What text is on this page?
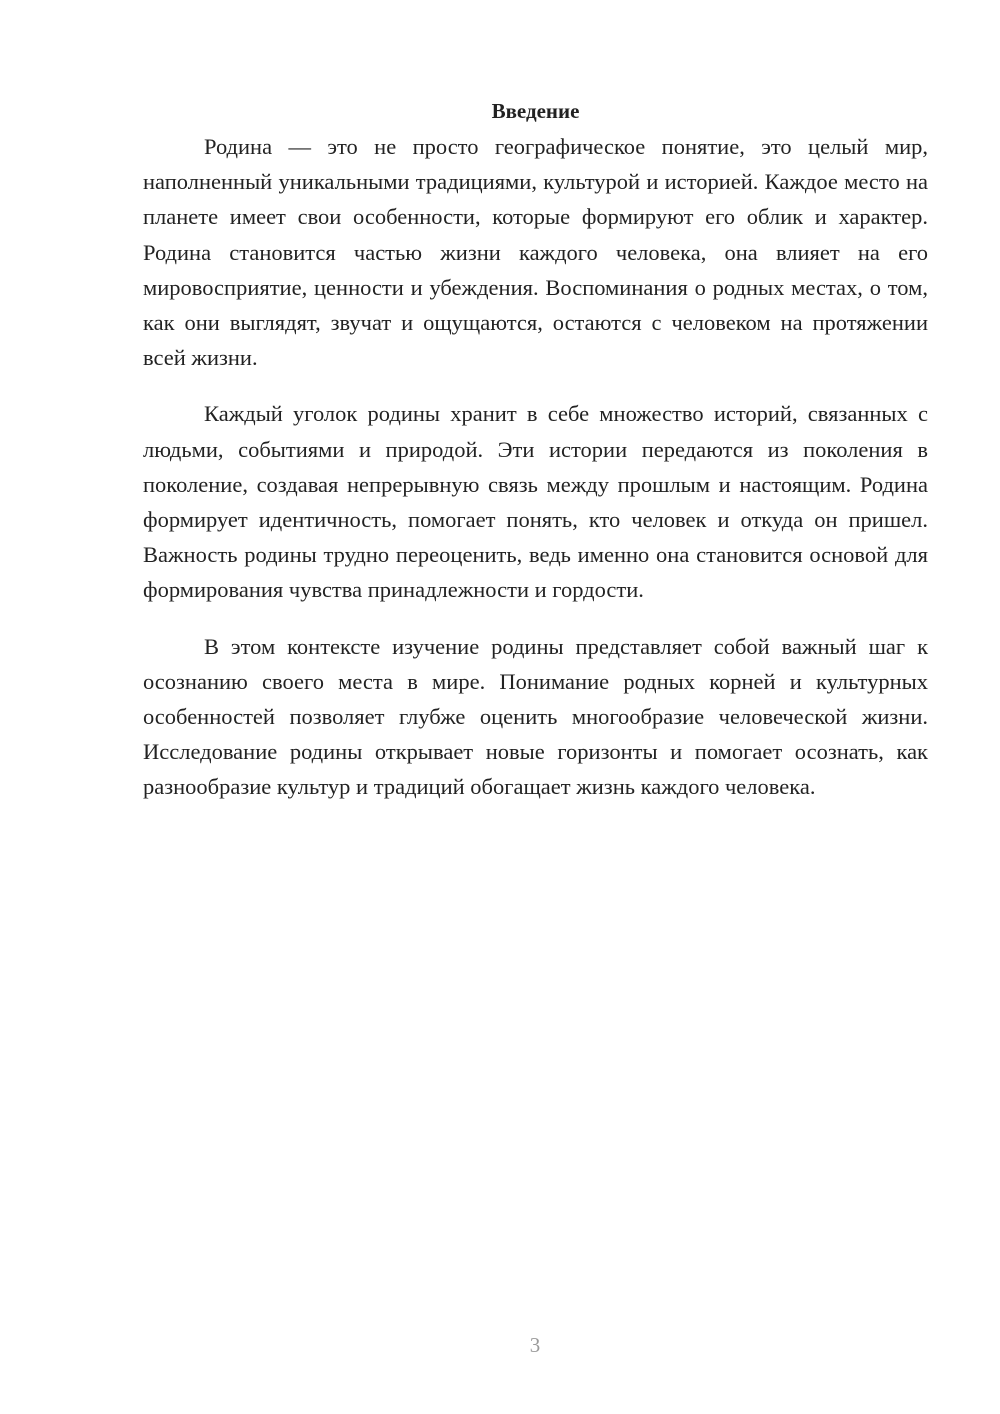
Введение

Родина — это не просто географическое понятие, это целый мир, наполненный уникальными традициями, культурой и историей. Каждое место на планете имеет свои особенности, которые формируют его облик и характер. Родина становится частью жизни каждого человека, она влияет на его мировосприятие, ценности и убеждения. Воспоминания о родных местах, о том, как они выглядят, звучат и ощущаются, остаются с человеком на протяжении всей жизни.

Каждый уголок родины хранит в себе множество историй, связанных с людьми, событиями и природой. Эти истории передаются из поколения в поколение, создавая непрерывную связь между прошлым и настоящим. Родина формирует идентичность, помогает понять, кто человек и откуда он пришел. Важность родины трудно переоценить, ведь именно она становится основой для формирования чувства принадлежности и гордости.

В этом контексте изучение родины представляет собой важный шаг к осознанию своего места в мире. Понимание родных корней и культурных особенностей позволяет глубже оценить многообразие человеческой жизни. Исследование родины открывает новые горизонты и помогает осознать, как разнообразие культур и традиций обогащает жизнь каждого человека.

3
